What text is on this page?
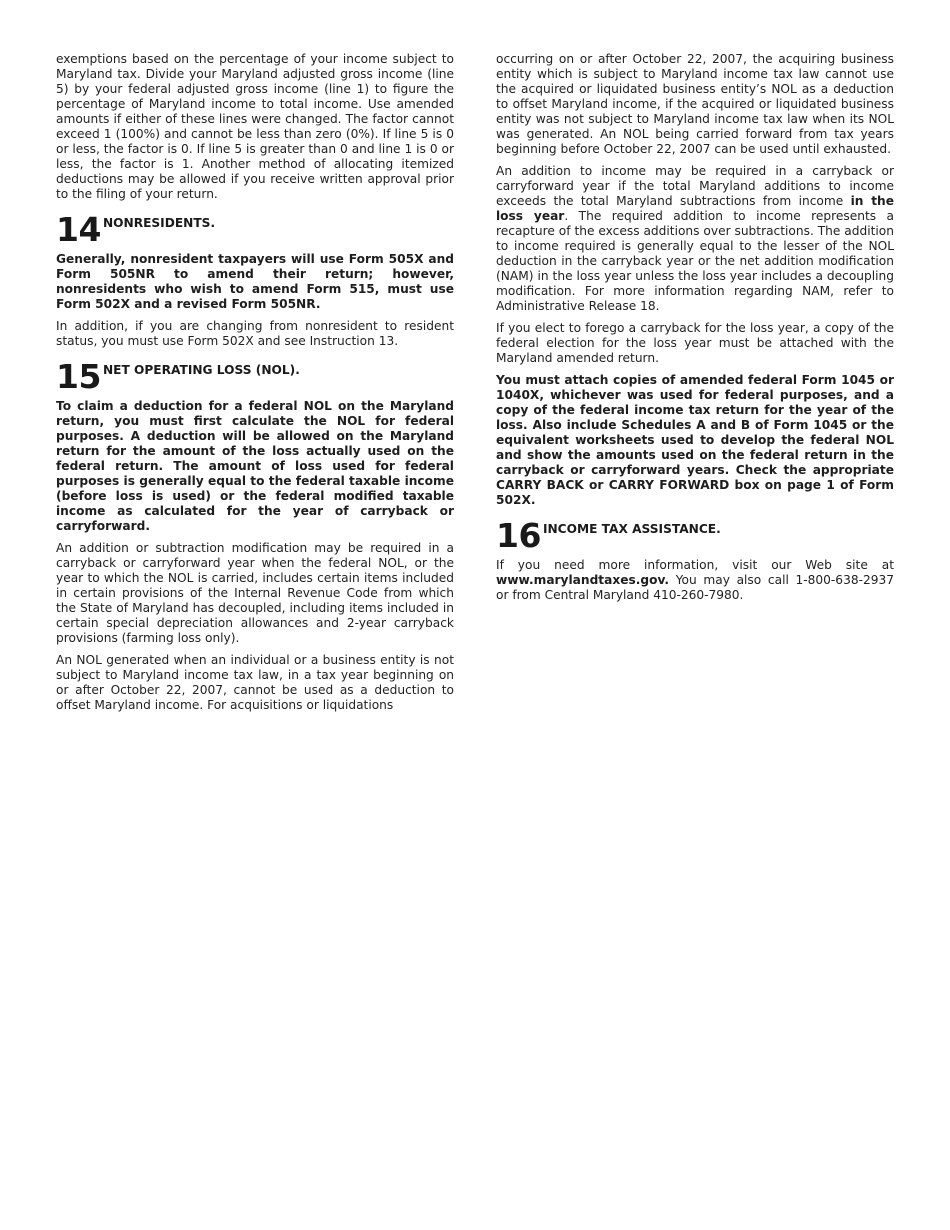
exemptions based on the percentage of your income subject to Maryland tax. Divide your Maryland adjusted gross income (line 5) by your federal adjusted gross income (line 1) to figure the percentage of Maryland income to total income. Use amended amounts if either of these lines were changed. The factor cannot exceed 1 (100%) and cannot be less than zero (0%). If line 5 is 0 or less, the factor is 0. If line 5 is greater than 0 and line 1 is 0 or less, the factor is 1. Another method of allocating itemized deductions may be allowed if you receive written approval prior to the filing of your return.

14 NONRESIDENTS.

Generally, nonresident taxpayers will use Form 505X and Form 505NR to amend their return; however, nonresidents who wish to amend Form 515, must use Form 502X and a revised Form 505NR.

In addition, if you are changing from nonresident to resident status, you must use Form 502X and see Instruction 13.

15 NET OPERATING LOSS (NOL).

To claim a deduction for a federal NOL on the Maryland return, you must first calculate the NOL for federal purposes. A deduction will be allowed on the Maryland return for the amount of the loss actually used on the federal return. The amount of loss used for federal purposes is generally equal to the federal taxable income (before loss is used) or the federal modified taxable income as calculated for the year of carryback or carryforward.

An addition or subtraction modification may be required in a carryback or carryforward year when the federal NOL, or the year to which the NOL is carried, includes certain items included in certain provisions of the Internal Revenue Code from which the State of Maryland has decoupled, including items included in certain special depreciation allowances and 2-year carryback provisions (farming loss only).

An NOL generated when an individual or a business entity is not subject to Maryland income tax law, in a tax year beginning on or after October 22, 2007, cannot be used as a deduction to offset Maryland income. For acquisitions or liquidations

occurring on or after October 22, 2007, the acquiring business entity which is subject to Maryland income tax law cannot use the acquired or liquidated business entity’s NOL as a deduction to offset Maryland income, if the acquired or liquidated business entity was not subject to Maryland income tax law when its NOL was generated. An NOL being carried forward from tax years beginning before October 22, 2007 can be used until exhausted.

An addition to income may be required in a carryback or carryforward year if the total Maryland additions to income exceeds the total Maryland subtractions from income in the loss year. The required addition to income represents a recapture of the excess additions over subtractions. The addition to income required is generally equal to the lesser of the NOL deduction in the carryback year or the net addition modification (NAM) in the loss year unless the loss year includes a decoupling modification. For more information regarding NAM, refer to Administrative Release 18.

If you elect to forego a carryback for the loss year, a copy of the federal election for the loss year must be attached with the Maryland amended return.

You must attach copies of amended federal Form 1045 or 1040X, whichever was used for federal purposes, and a copy of the federal income tax return for the year of the loss. Also include Schedules A and B of Form 1045 or the equivalent worksheets used to develop the federal NOL and show the amounts used on the federal return in the carryback or carryforward years. Check the appropriate CARRY BACK or CARRY FORWARD box on page 1 of Form 502X.

16 INCOME TAX ASSISTANCE.

If you need more information, visit our Web site at www.marylandtaxes.gov. You may also call 1-800-638-2937 or from Central Maryland 410-260-7980.
